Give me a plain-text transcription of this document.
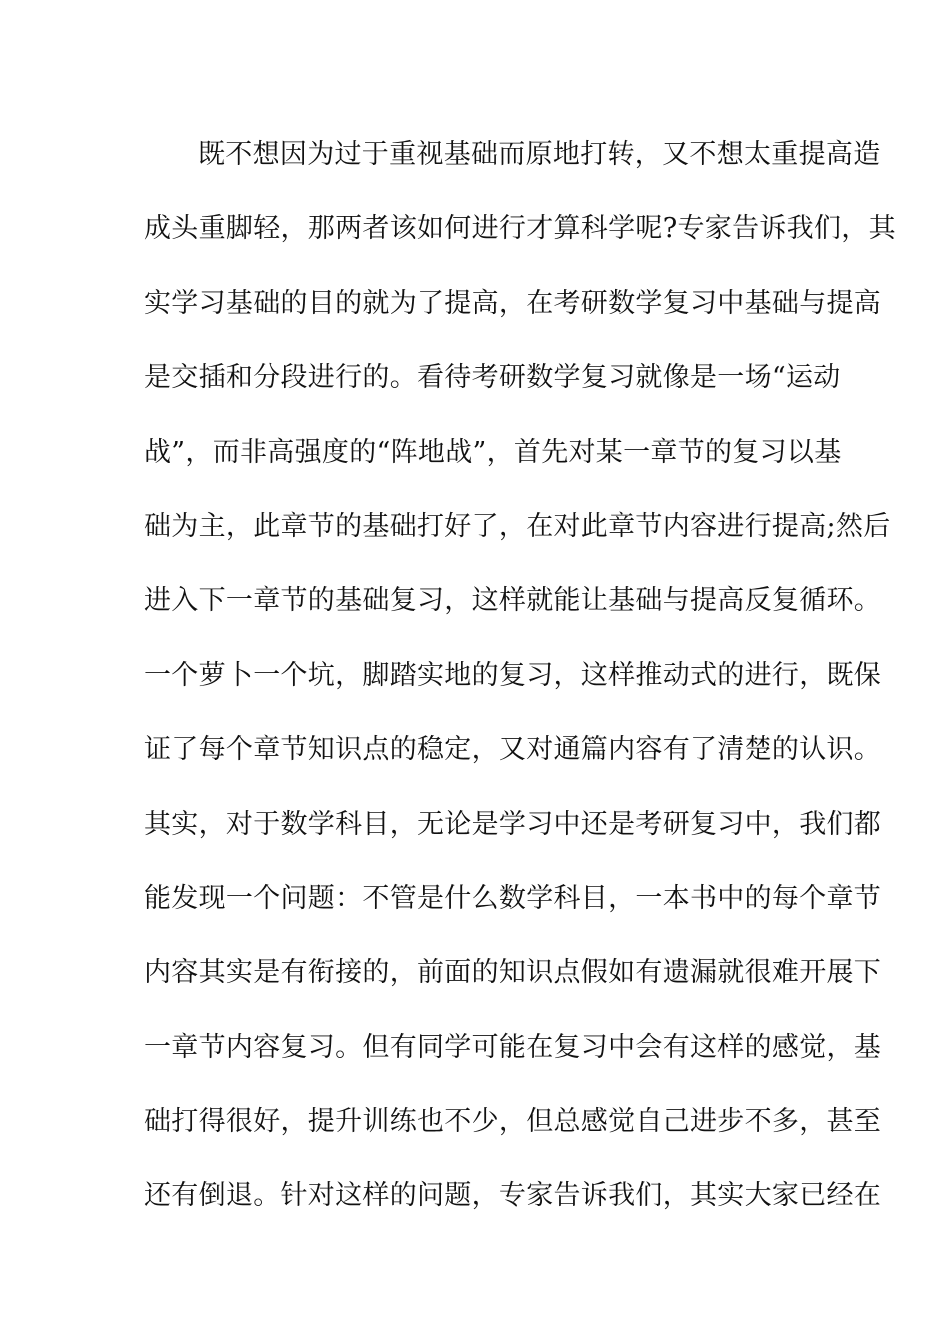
既不想因为过于重视基础而原地打转，又不想太重提高造
成头重脚轻，那两者该如何进行才算科学呢?专家告诉我们，其
实学习基础的目的就为了提高，在考研数学复习中基础与提高
是交插和分段进行的。看待考研数学复习就像是一场“运动
战”，而非高强度的“阵地战”，首先对某一章节的复习以基
础为主，此章节的基础打好了，在对此章节内容进行提高;然后
进入下一章节的基础复习，这样就能让基础与提高反复循环。
一个萝卜一个坑，脚踏实地的复习，这样推动式的进行，既保
证了每个章节知识点的稳定，又对通篇内容有了清楚的认识。
其实，对于数学科目，无论是学习中还是考研复习中，我们都
能发现一个问题：不管是什么数学科目，一本书中的每个章节
内容其实是有衔接的，前面的知识点假如有遗漏就很难开展下
一章节内容复习。但有同学可能在复习中会有这样的感觉，基
础打得很好，提升训练也不少，但总感觉自己进步不多，甚至
还有倒退。针对这样的问题，专家告诉我们，其实大家已经在
